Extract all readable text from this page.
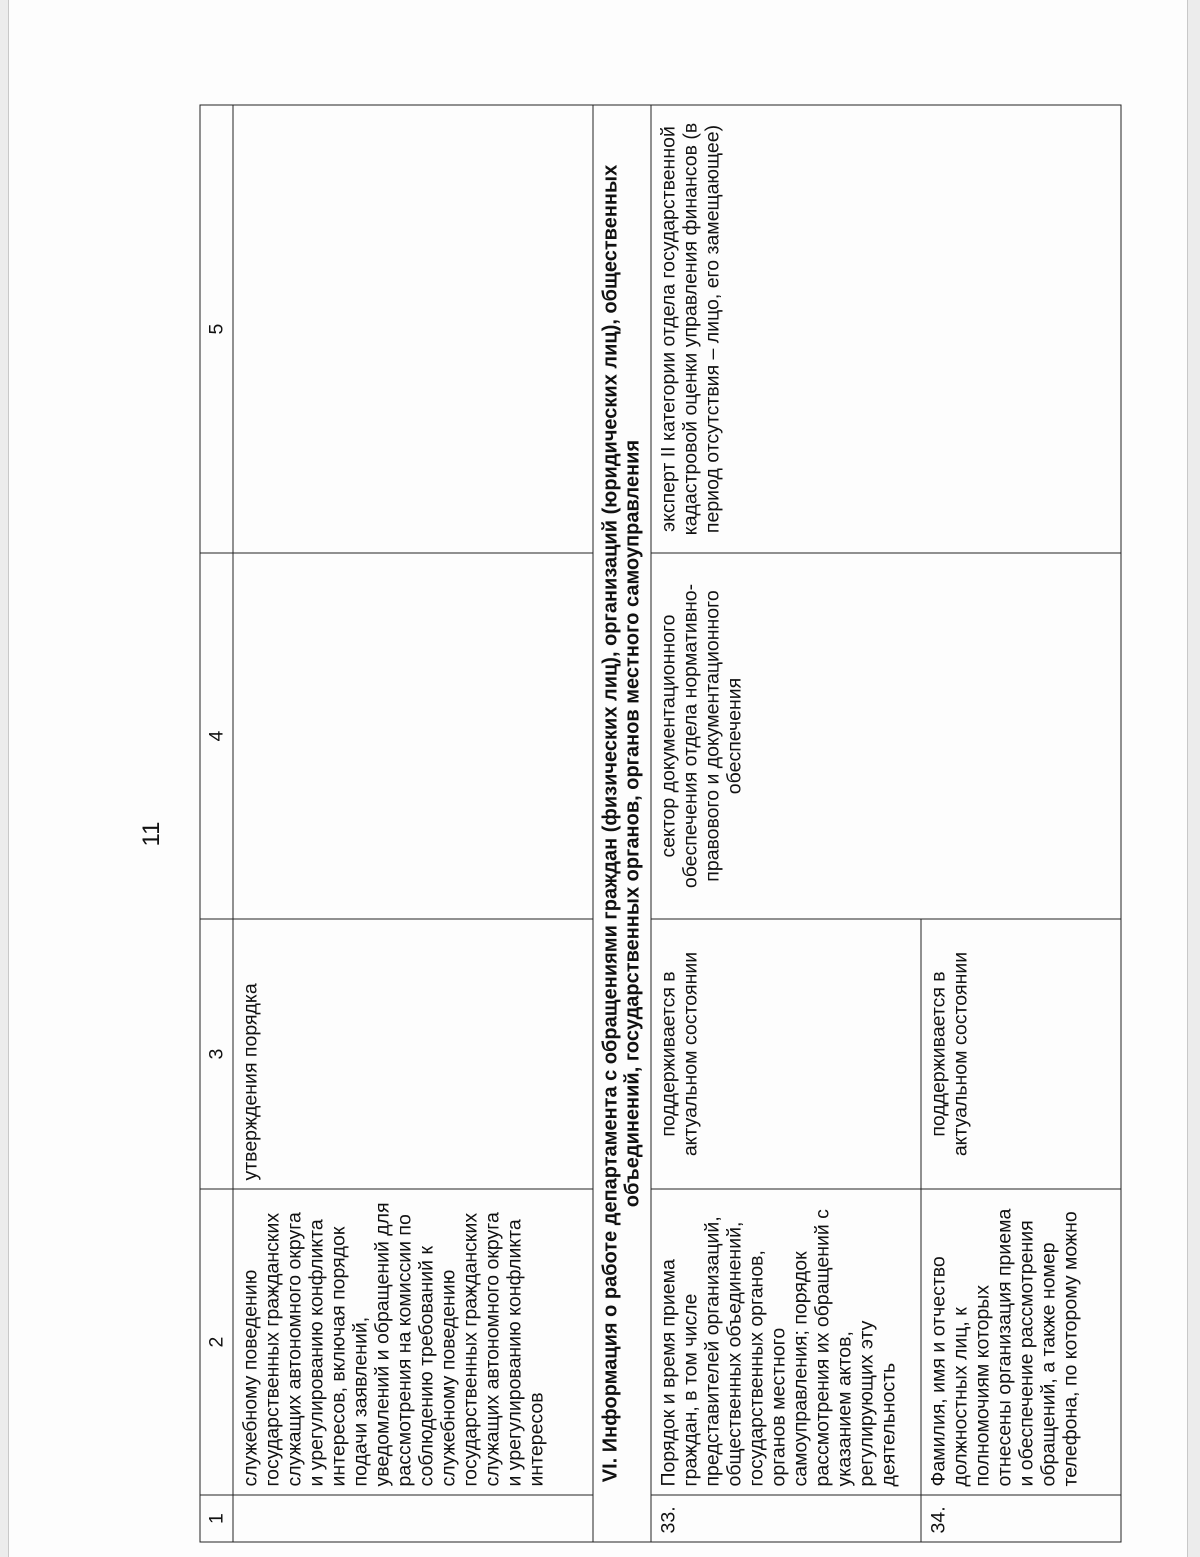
11
1	2	3	4	5
	служебному поведению государственных гражданских служащих автономного округа и урегулированию конфликта интересов, включая порядок подачи заявлений, уведомлений и обращений для рассмотрения на комиссии по соблюдению требований к служебному поведению государственных гражданских служащих автономного округа и урегулированию конфликта интересов	утверждения порядка		
VI. Информация о работе департамента с обращениями граждан (физических лиц), организаций (юридических лиц), общественных объединений, государственных органов, органов местного самоуправления				
33.	Порядок и время приема граждан, в том числе представителей организаций, общественных объединений, государственных органов, органов местного самоуправления; порядок рассмотрения их обращений с указанием актов, регулирующих эту деятельность	поддерживается в актуальном состоянии	сектор документационного обеспечения отдела нормативно-правового и документационного обеспечения	эксперт II категории отдела государственной кадастровой оценки управления финансов (в период отсутствия – лицо, его замещающее)
34.	Фамилия, имя и отчество должностных лиц, к полномочиям которых отнесены организация приема и обеспечение рассмотрения обращений, а также номер телефона, по которому можно	поддерживается в актуальном состоянии		
